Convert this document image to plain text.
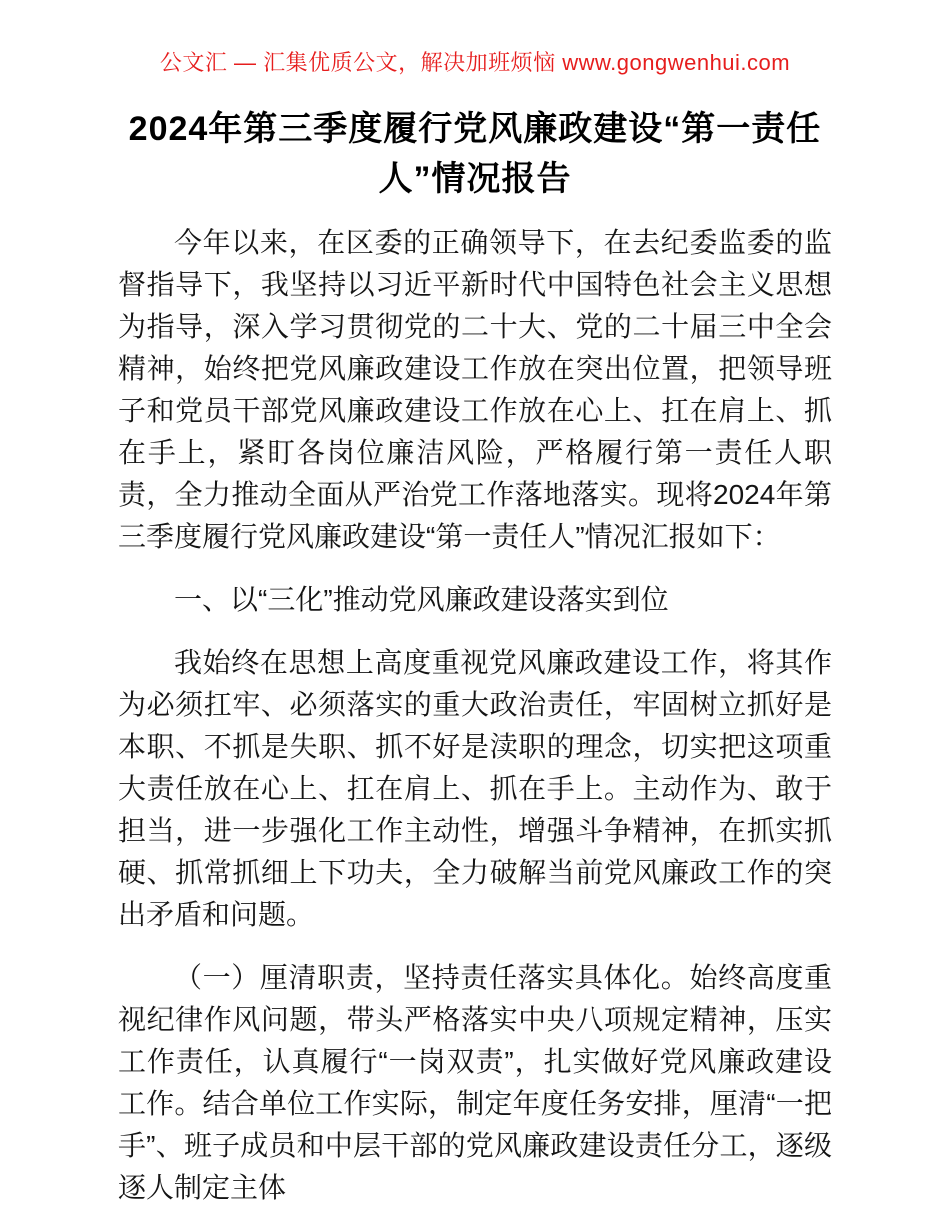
公文汇 — 汇集优质公文，解决加班烦恼 www.gongwenhui.com
2024年第三季度履行党风廉政建设“第一责任人”情况报告

今年以来，在区委的正确领导下，在去纪委监委的监督指导下，我坚持以习近平新时代中国特色社会主义思想为指导，深入学习贯彻党的二十大、党的二十届三中全会精神，始终把党风廉政建设工作放在突出位置，把领导班子和党员干部党风廉政建设工作放在心上、扛在肩上、抓在手上，紧盯各岗位廉洁风险，严格履行第一责任人职责，全力推动全面从严治党工作落地落实。现将2024年第三季度履行党风廉政建设“第一责任人”情况汇报如下：

一、以“三化”推动党风廉政建设落实到位

我始终在思想上高度重视党风廉政建设工作，将其作为必须扛牢、必须落实的重大政治责任，牢固树立抓好是本职、不抓是失职、抓不好是渎职的理念，切实把这项重大责任放在心上、扛在肩上、抓在手上。主动作为、敢于担当，进一步强化工作主动性，增强斗争精神，在抓实抓硬、抓常抓细上下功夫，全力破解当前党风廉政工作的突出矛盾和问题。

（一）厘清职责，坚持责任落实具体化。始终高度重视纪律作风问题，带头严格落实中央八项规定精神，压实工作责任，认真履行“一岗双责”，扎实做好党风廉政建设工作。结合单位工作实际，制定年度任务安排，厘清“一把手”、班子成员和中层干部的党风廉政建设责任分工，逐级逐人制定主体
